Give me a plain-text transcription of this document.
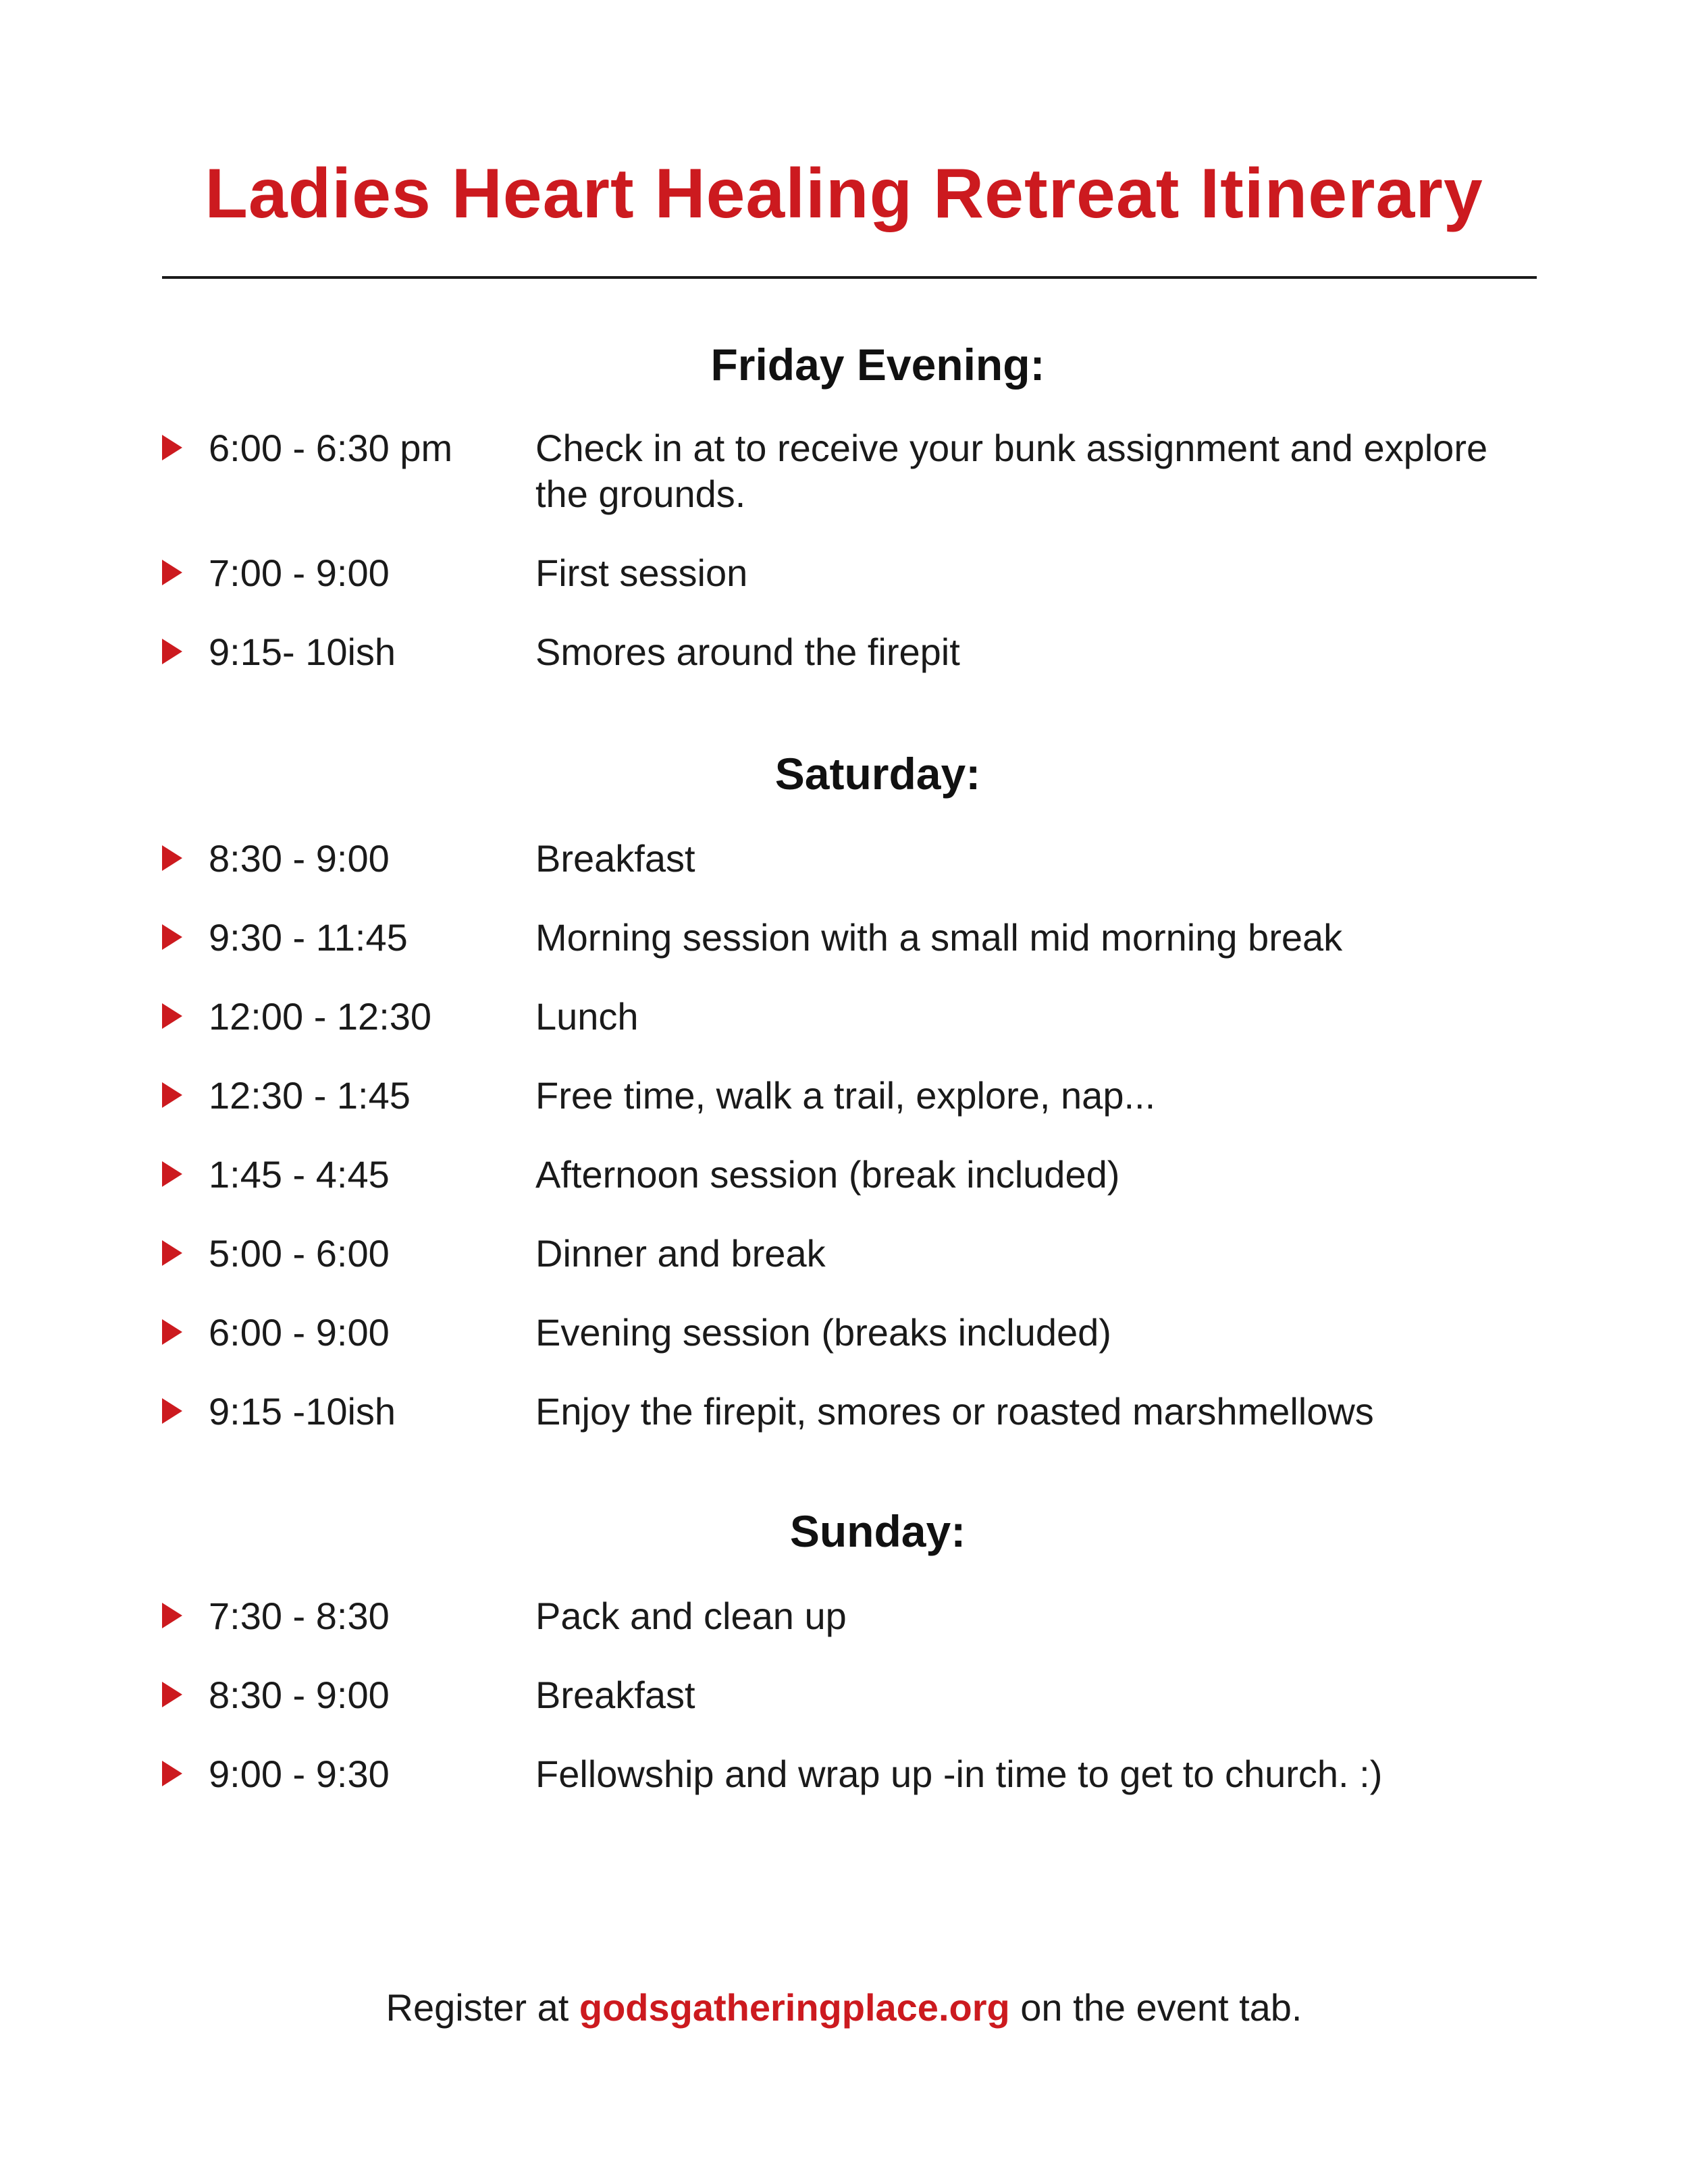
Ladies Heart Healing Retreat Itinerary
Friday Evening:
6:00 - 6:30 pm Check in at to receive your bunk assignment and explore the grounds.
7:00 - 9:00	First session
9:15- 10ish	Smores around the firepit
Saturday:
8:30 - 9:00	Breakfast
9:30 - 11:45	Morning session with a small mid morning break
12:00 - 12:30	Lunch
12:30 - 1:45	Free time, walk a trail, explore, nap...
1:45 - 4:45	Afternoon session (break included)
5:00 - 6:00	Dinner and break
6:00 - 9:00	Evening session (breaks included)
9:15 -10ish	Enjoy the firepit, smores or roasted marshmellows
Sunday:
7:30 - 8:30	Pack and clean up
8:30 - 9:00	Breakfast
9:00 - 9:30	Fellowship and wrap up -in time to get to church. :)
Register at godsgatheringplace.org on the event tab.
